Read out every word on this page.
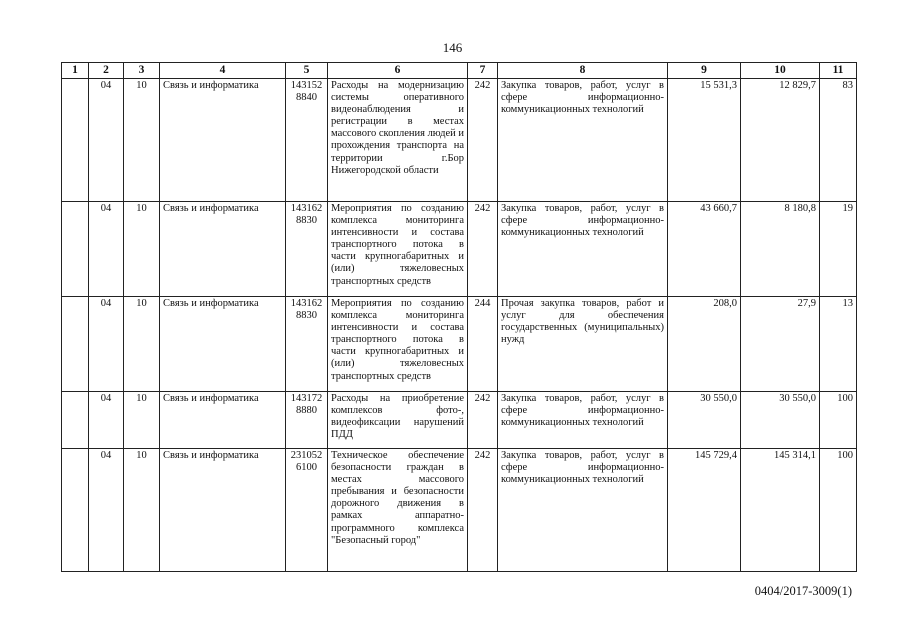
146
1	2	3	4	5	6	7	8	9	10	11
	04	10	Связь и информатика	143152 8840	Расходы на модернизацию системы оперативного видеонаблюдения и регистрации в местах массового скопления людей и прохождения транспорта на территории г.Бор Нижегородской области	242	Закупка товаров, работ, услуг в сфере информационно-коммуникационных технологий	15 531,3	12 829,7	83
	04	10	Связь и информатика	143162 8830	Мероприятия по созданию комплекса мониторинга интенсивности и состава транспортного потока в части крупногабаритных и (или) тяжеловесных транспортных средств	242	Закупка товаров, работ, услуг в сфере информационно-коммуникационных технологий	43 660,7	8 180,8	19
	04	10	Связь и информатика	143162 8830	Мероприятия по созданию комплекса мониторинга интенсивности и состава транспортного потока в части крупногабаритных и (или) тяжеловесных транспортных средств	244	Прочая закупка товаров, работ и услуг для обеспечения государственных (муниципальных) нужд	208,0	27,9	13
	04	10	Связь и информатика	143172 8880	Расходы на приобретение комплексов фото-, видеофиксации нарушений ПДД	242	Закупка товаров, работ, услуг в сфере информационно-коммуникационных технологий	30 550,0	30 550,0	100
	04	10	Связь и информатика	231052 6100	Техническое обеспечение безопасности граждан в местах массового пребывания и безопасности дорожного движения в рамках аппаратно-программного комплекса "Безопасный город"	242	Закупка товаров, работ, услуг в сфере информационно-коммуникационных технологий	145 729,4	145 314,1	100
0404/2017-3009(1)
